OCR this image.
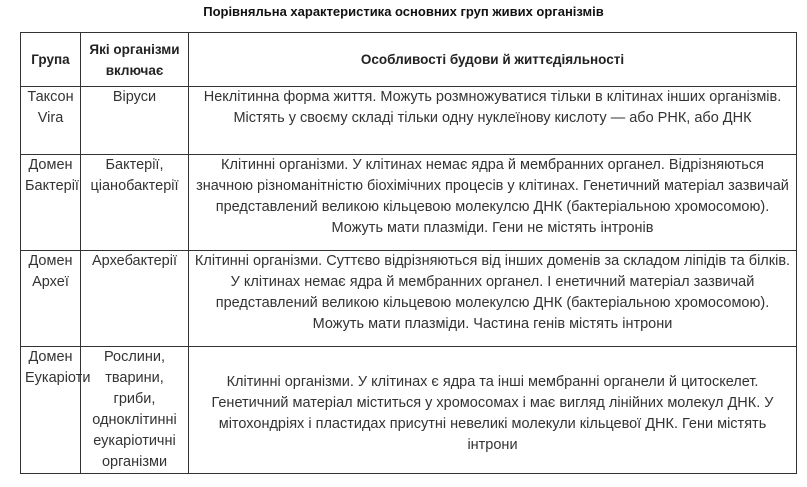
Порівняльна характеристика основних груп живих організмів
Група	Які організми включає	Особливості будови й життєдіяльності
Таксон Vira	Віруси	Неклітинна форма життя. Можуть розмножуватися тільки в клітинах інших організмів. Містять у своєму складі тільки одну нуклеїнову кислоту — або РНК, або ДНК
Домен Бактерії	Бактерії, ціанобактерії	Клітинні організми. У клітинах немає ядра й мембранних органел. Відрізняються значною різноманітністю біохімічних процесів у клітинах. Генетичний матеріал зазвичай представлений великою кільцевою молекулсю ДНК (бактеріальною хромосомою). Можуть мати плазміди. Гени не містять інтронів
Домен Археї	Архебактерії	Клітинні організми. Суттєво відрізняються від інших доменів за складом ліпідів та білків. У клітинах немає ядра й мембранних органел. І енетичний матеріал зазвичай представлений великою кільцевою молекулсю ДНК (бактеріальною хромосомою). Можуть мати плазміди. Частина генів містять інтрони
Домен Еукаріоти	Рослини, тварини, гриби, одноклітинні еукаріотичні організми	Клітинні організми. У клітинах є ядра та інші мембранні органели й цитоскелет. Генетичний матеріал міститься у хромосомах і має вигляд лінійних молекул ДНК. У мітохондріях і пластидах присутні невеликі молекули кільцевої ДНК. Гени містять інтрони
